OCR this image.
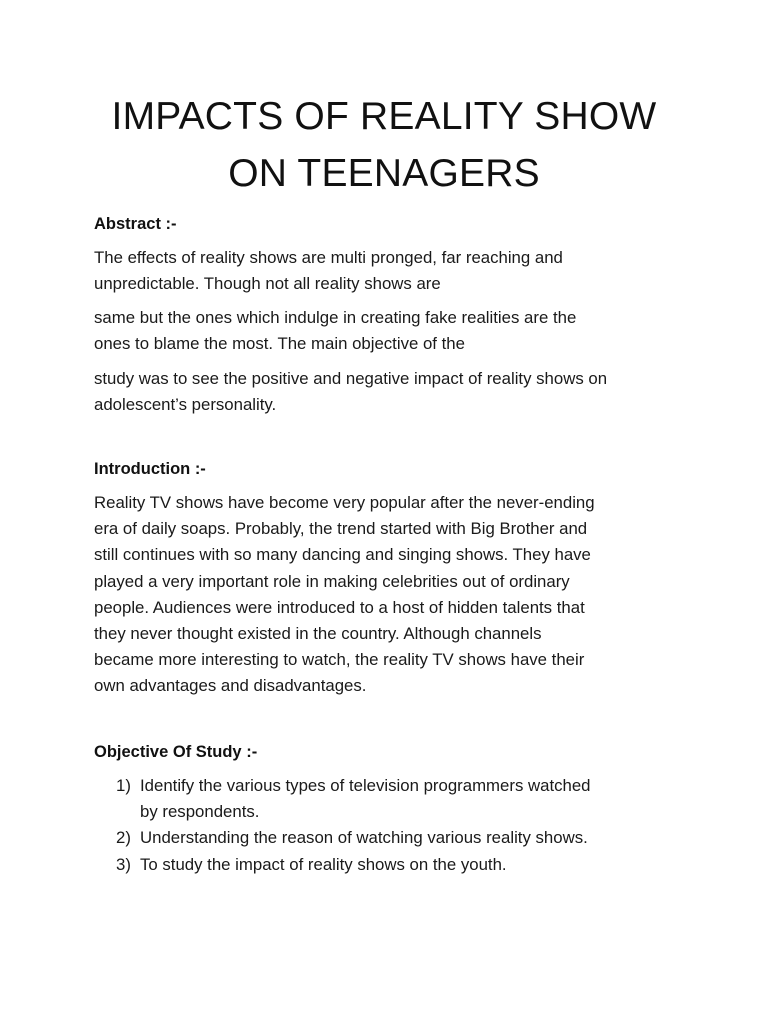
IMPACTS OF REALITY SHOW
ON TEENAGERS
Abstract :-
The effects of reality shows are multi pronged, far reaching and
unpredictable. Though not all reality shows are
same but the ones which indulge in creating fake realities are the
ones to blame the most. The main objective of the
study was to see the positive and negative impact of reality shows on
adolescent’s personality.
Introduction :-
Reality TV shows have become very popular after the never-ending
era of daily soaps. Probably, the trend started with Big Brother and
still continues with so many dancing and singing shows. They have
played a very important role in making celebrities out of ordinary
people. Audiences were introduced to a host of hidden talents that
they never thought existed in the country. Although channels
became more interesting to watch, the reality TV shows have their
own advantages and disadvantages.
Objective Of Study :-
1) Identify the various types of television programmers watched
by respondents.
2) Understanding the reason of watching various reality shows.
3) To study the impact of reality shows on the youth.
